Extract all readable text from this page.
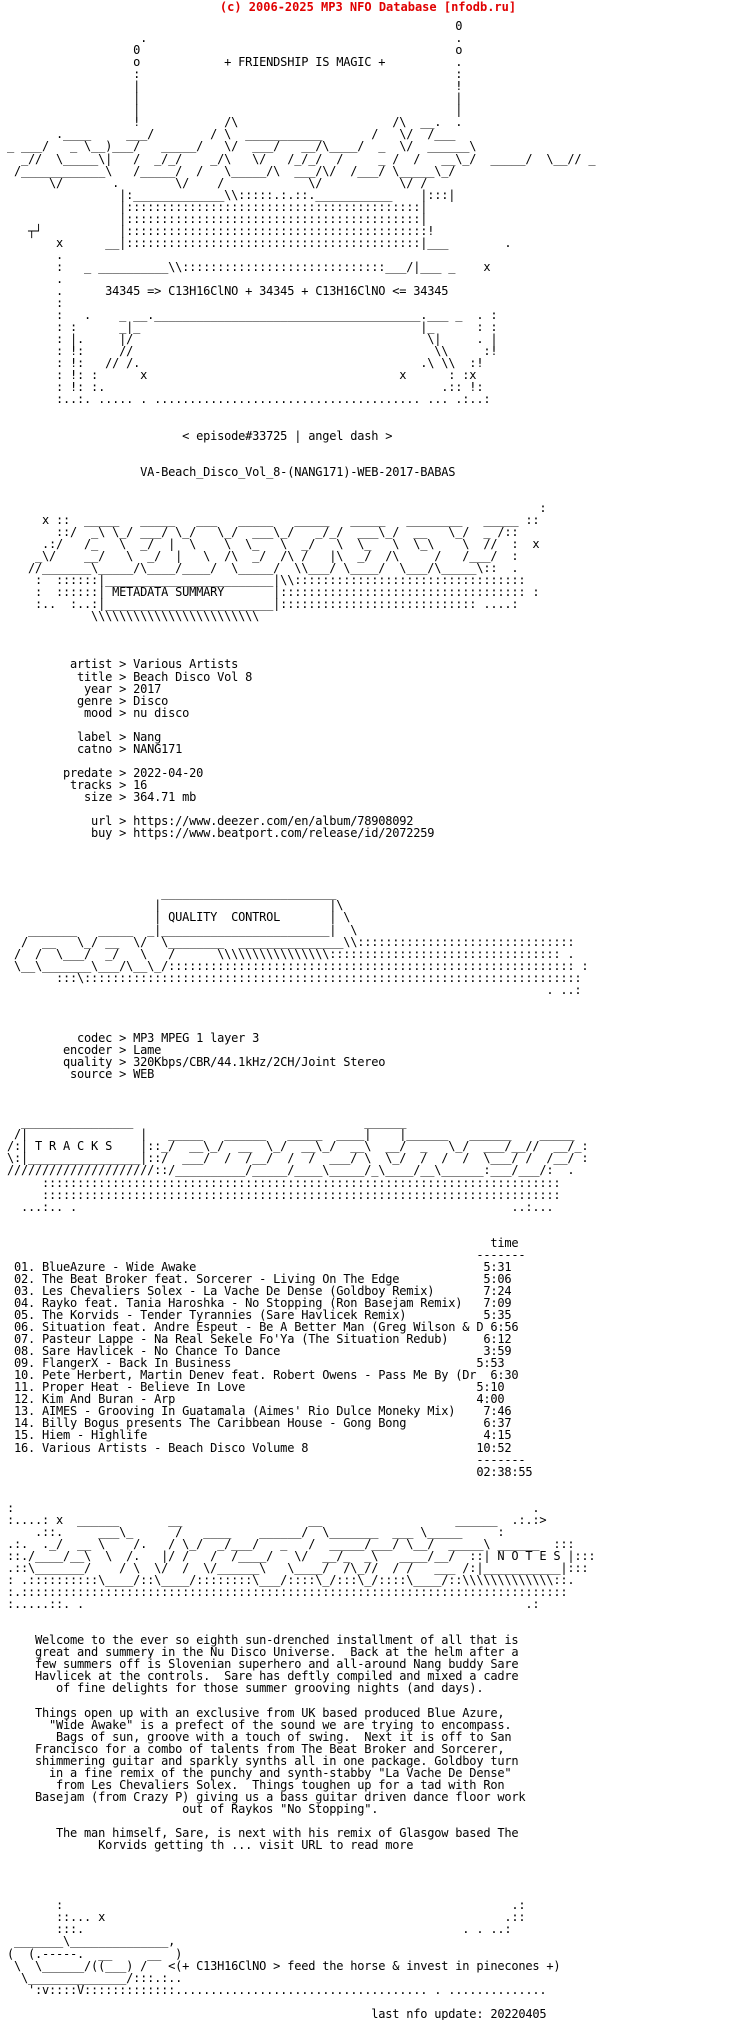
(c) 2006-2025 MP3 NFO Database [nfodb.ru]
0
.                                            .
0                                             o
o            + FRIENDSHIP IS MAGIC +          .
:                                             :
|                                             !
|                                             |
|                                             |
!            /\                      /\  __.  .
.____     ___/        / \  ___________       /   \/  /___
_ ___/   _ \__)___/   _____/   \/  ___/   __/\____/  _  \/  ______\
_//  \_____\|   /  _/_/    _/\   \/   /_/_/  /     _ /  /   __\_/  _____/  \__// _
/____________\   /_____/  /   \_____/\  ___/\/  /___/ \_____\_/
\/       .        \/    /            \/           \/ /
|:_____________\\:::::.:.::.___________    |:::|
|::::::::::::::::::::::::::::::::::::::::::|
|::::::::::::::::::::::::::::::::::::::::::|
┬┘           |:::::::::::::::::::::::::::::::::::::::::::!
x      __|::::::::::::::::::::::::::::::::::::::::::|___        .
.
:   _ __________\\:::::::::::::::::::::::::::::___/|___ _    x
.
.      34345 => C13H16ClNO + 34345 + C13H16ClNO <= 34345
:
:   .    _ __.______________________________________.___ _  . :
: :      _|_                                        |_      : :
: |.     |/                                          \|     . |
: !:     //                                           \\     :!
: !:   // /.                                        .\ \\  :!
: !: :      x                                    x      : :x
: !: :.                                                .:: !:
:..:. ..... . ...................................... ... .:..:

< episode#33725 | angel dash >

VA-Beach_Disco_Vol_8-(NANG171)-WEB-2017-BABAS

:
x ::  _____   _____   ___   _____   _____   _____   ________   _____ ::
::/  _\ \_/ ___/ \_/   \_/  ___\_/   _/_/  ___\_/  __   \_/  _ /::
.:/   /_   \  _/  |  \    \  \_   \  _/   \  \_   \  \_\    \  //  :  x
_\/    __/   \  _/  |   \  /\  _/  /\ /   |\  _/  /\     /   /___/  :
//_______\_____/\____/____/  \_____/  \\___/ \____/  \___/\_____\::  .
:  ::::::|________________________|\\:::::::::::::::::::::::::::::::::
:  ::::::| METADATA SUMMARY       |::::::::::::::::::::::::::::::::::: :
:..  :..:|________________________|:::::::::::::::::::::::::::: ....:
\\\\\\\\\\\\\\\\\\\\\\\\

artist > Various Artists
title > Beach Disco Vol 8
year > 2017
genre > Disco
mood > nu disco

label > Nang
catno > NANG171

predate > 2022-04-20
tracks > 16
size > 364.71 mb

url > https://www.deezer.com/en/album/78908092
buy > https://www.beatport.com/release/id/2072259

_________________________
|                        |\
| QUALITY  CONTROL       | \
_______   _____  _|________________________|  \
/  __   \_/ __  \/  \________  _______________\\:::::::::::::::::::::::::::::::
/  /  \___/  _/   \   /      \\\\\\\\\\\\\\\\::::::::::::::::::::::::::::::::: .
\__\_______\___/\__\_/:::::::::::::::::::::::::::::::::::::::::::::::::::::::::: :
:::\:::::::::::::::::::::::::::::::::::::::::::::::::::::::::::::::::::::::
. ..:

codec > MP3 MPEG 1 layer 3
encoder > Lame
quality > 320Kbps/CBR/44.1kHz/2CH/Joint Stereo
source > WEB

________________                                 ______
/|                |   _____   ______   _____  ____|    |______   ______    _____
/:| T R A C K S    |::_/  __\_/  __  \_/  __\_/  __\  __/  _   \_/  ___/__//  __/_:
\:|________________|::/  ___/  /  /__/  /  /  ___/ \  \_/  /  /  /  \___/ /  /__/ :
/////////////////////::/__________/_____/____\_____/_\____/__\______:___/___/:  .
::::::::::::::::::::::::::::::::::::::::::::::::::::::::::::::::::::::::::
::::::::::::::::::::::::::::::::::::::::::::::::::::::::::::::::::::::::::
...:.. .                                                              ..:...

time
-------
01. BlueAzure - Wide Awake                                         5:31
02. The Beat Broker feat. Sorcerer - Living On The Edge            5:06
03. Les Chevaliers Solex - La Vache De Dense (Goldboy Remix)       7:24
04. Rayko feat. Tania Haroshka - No Stopping (Ron Basejam Remix)   7:09
05. The Korvids - Tender Tyrannies (Sare Havlicek Remix)           5:35
06. Situation feat. Andre Espeut - Be A Better Man (Greg Wilson & D 6:56
07. Pasteur Lappe - Na Real Sekele Fo'Ya (The Situation Redub)     6:12
08. Sare Havlicek - No Chance To Dance                             3:59
09. FlangerX - Back In Business                                   5:53
10. Pete Herbert, Martin Denev feat. Robert Owens - Pass Me By (Dr  6:30
11. Proper Heat - Believe In Love                                 5:10
12. Kim And Buran - Arp                                           4:00
13. AIMES - Grooving In Guatamala (Aimes' Rio Dulce Moneky Mix)    7:46
14. Billy Bogus presents The Caribbean House - Gong Bong           6:37
15. Hiem - Highlife                                                4:15
16. Various Artists - Beach Disco Volume 8                        10:52
-------
02:38:55

:                                                                          .
:....: x  ______       __                  __                   ______  .:.:>
.::.     ___\_      /   ____    ______/  \_______  ___ \_____     :
.:.  ._/  __ \    /.   / \_/  _/___/   _   /  _____/___/ \__/  _____\ ______  :::
::./____/__\  \  /.   |/ /   /  /____/   \/  __/_  _\   ____/__/  ::| N O T E S |:::
.::\_______/    / \  \/  /  \/______\   \____/  /\_//  / /   ___ /:|___________|:::
: .::::::::::\____/::\____/::::::::\___/::::\_/:::\_/::::\____/::\\\\\\\\\\\\\::.
:.::::::::::::::::::::::::::::::::::::::::::::::::::::::::::::::::::::::::::::::
:.....::. .                                                               .:

Welcome to the ever so eighth sun-drenched installment of all that is
great and summery in the Nu Disco Universe.  Back at the helm after a
few summers off is Slovenian superhero and all-around Nang buddy Sare
Havlicek at the controls.  Sare has deftly compiled and mixed a cadre
of fine delights for those summer grooving nights (and days).

Things open up with an exclusive from UK based produced Blue Azure,
"Wide Awake" is a prefect of the sound we are trying to encompass.
Bags of sun, groove with a touch of swing.  Next it is off to San
Francisco for a combo of talents from The Beat Broker and Sorcerer,
shimmering guitar and sparkly synths all in one package. Goldboy turn
in a fine remix of the punchy and synth-stabby "La Vache De Dense"
from Les Chevaliers Solex.  Things toughen up for a tad with Ron
Basejam (from Crazy P) giving us a bass guitar driven dance floor work
out of Raykos "No Stopping".

The man himself, Sare, is next with his remix of Glasgow based The
Korvids getting th ... visit URL to read more

:                                                                .:
::... x                                                         .::
:::.                                                      . . ..:
_______\______________,
(  (.-----.  __     __  )
\  \______/((___) /   <(+ C13H16ClNO > feed the horse & invest in pinecones +)
\______________/:::.:..
':v::::V:::::::::::::.................................... . ..............

last nfo update: 20220405
